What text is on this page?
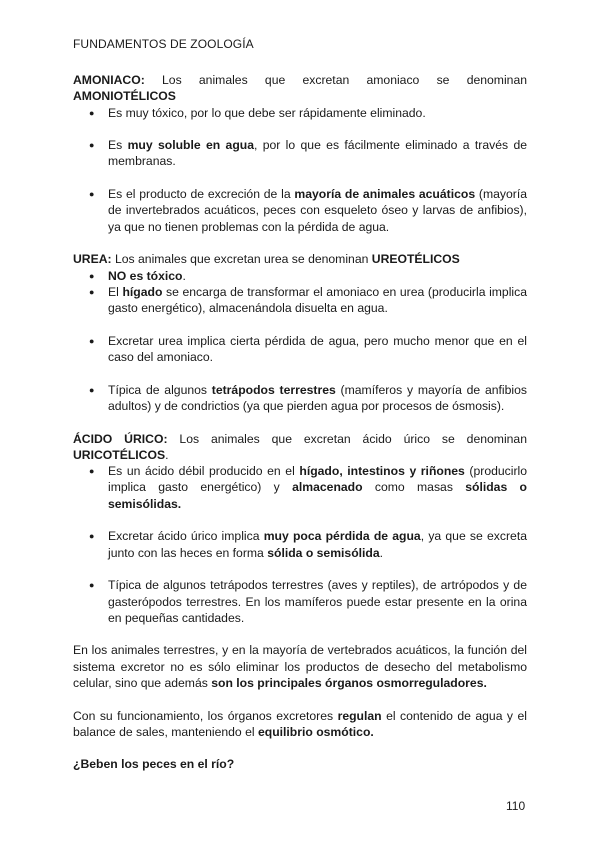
FUNDAMENTOS DE ZOOLOGÍA

AMONIACO: Los animales que excretan amoniaco se denominan

AMONIOTÉLICOS

● Es muy tóxico, por lo que debe ser rápidamente eliminado.
● Es muy soluble en agua, por lo que es fácilmente eliminado a través de membranas.
● Es el producto de excreción de la mayoría de animales acuáticos (mayoría de invertebrados acuáticos, peces con esqueleto óseo y larvas de anfibios), ya que no tienen problemas con la pérdida de agua.

UREA: Los animales que excretan urea se denominan UREOTÉLICOS

● NO es tóxico.
● El hígado se encarga de transformar el amoniaco en urea (producirla implica gasto energético), almacenándola disuelta en agua.
● Excretar urea implica cierta pérdida de agua, pero mucho menor que en el caso del amoniaco.
● Típica de algunos tetrápodos terrestres (mamíferos y mayoría de anfibios adultos) y de condrictios (ya que pierden agua por procesos de ósmosis).

ÁCIDO ÚRICO: Los animales que excretan ácido úrico se denominan

URICOTÉLICOS.

● Es un ácido débil producido en el hígado, intestinos y riñones (producirlo implica gasto energético) y almacenado como masas sólidas o semisólidas.
● Excretar ácido úrico implica muy poca pérdida de agua, ya que se excreta junto con las heces en forma sólida o semisólida.
● Típica de algunos tetrápodos terrestres (aves y reptiles), de artrópodos y de gasterópodos terrestres. En los mamíferos puede estar presente en la orina en pequeñas cantidades.

En los animales terrestres, y en la mayoría de vertebrados acuáticos, la función del sistema excretor no es sólo eliminar los productos de desecho del metabolismo celular, sino que además son los principales órganos osmorreguladores.

Con su funcionamiento, los órganos excretores regulan el contenido de agua y el balance de sales, manteniendo el equilibrio osmótico.

¿Beben los peces en el río?

110
